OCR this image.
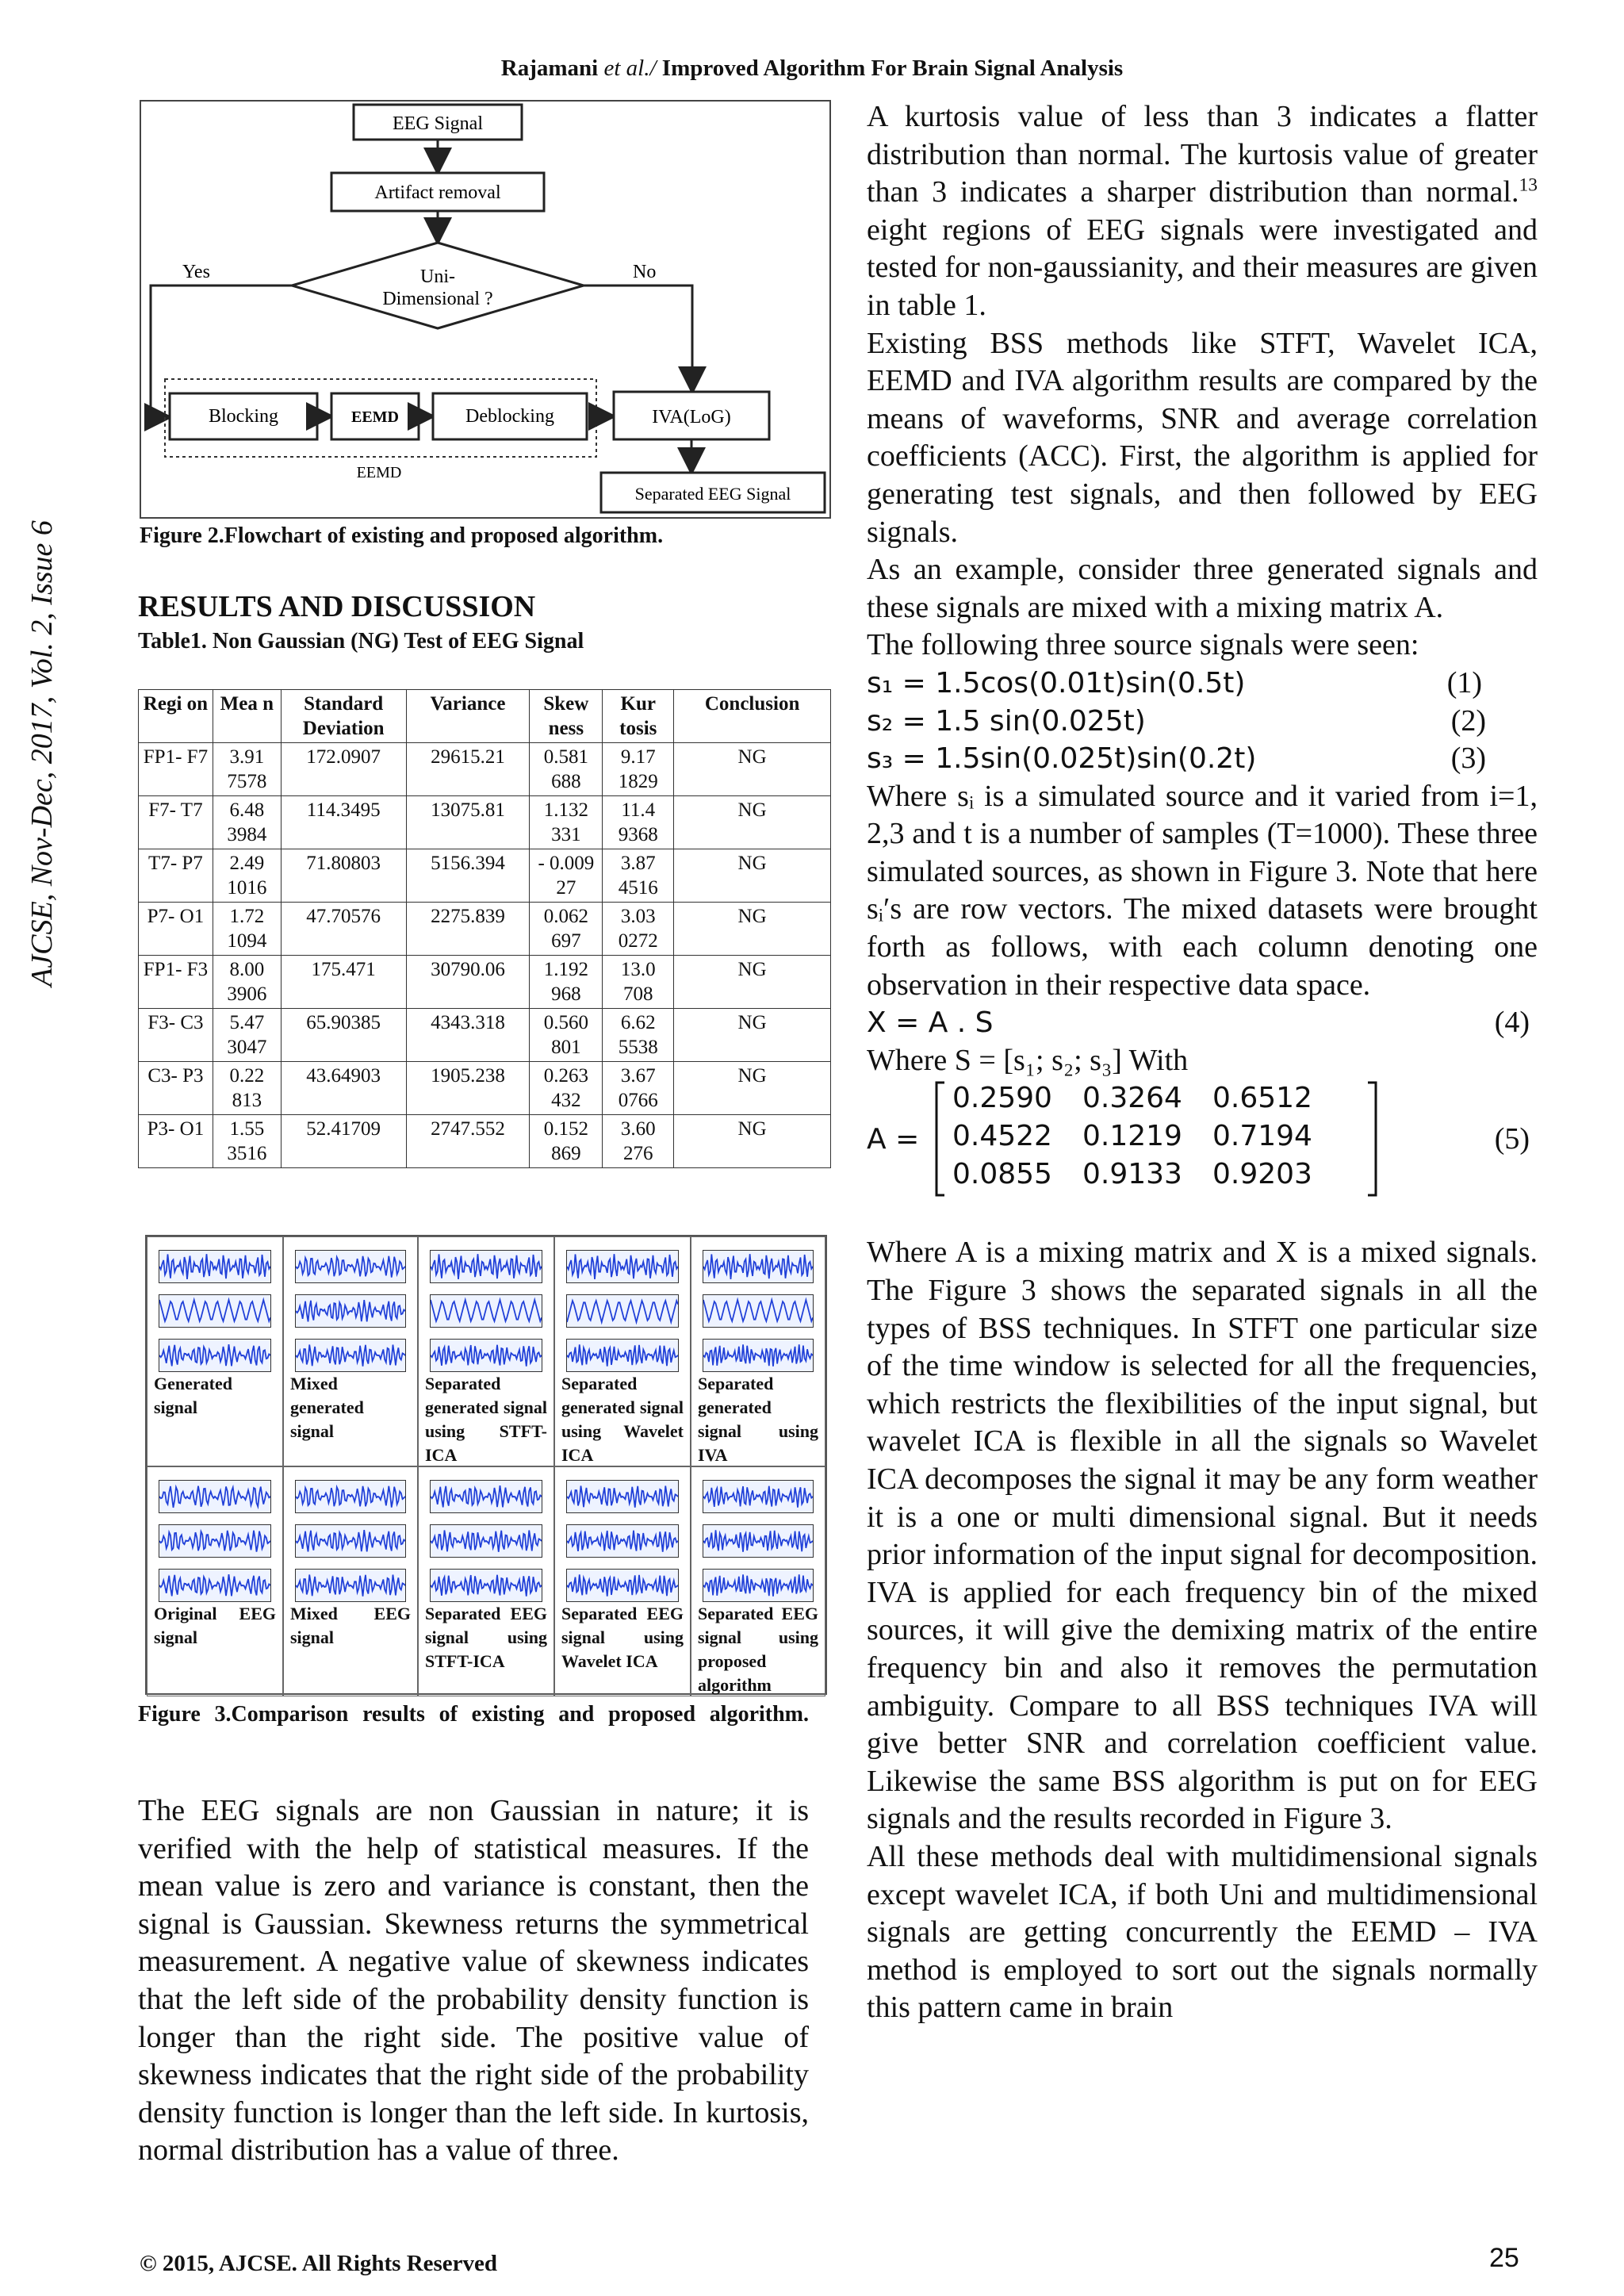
Rajamani et al./ Improved Algorithm For Brain Signal Analysis
AJCSE, Nov-Dec, 2017, Vol. 2, Issue 6
EEG Signal
Artifact removal
Uni-
Dimensional ?
Yes	No
EEMD
Blocking	EEMD	Deblocking	IVA(LoG)
Separated EEG Signal
Figure 2.Flowchart of existing and proposed algorithm.
RESULTS AND DISCUSSION
Table1. Non Gaussian (NG) Test of EEG Signal
Regi on	Mea n	Standard Deviation	Variance	Skew ness	Kur tosis	Conclusion
FP1- F7	3.91 7578	172.0907	29615.21	0.581 688	9.17 1829	NG
F7- T7	6.48 3984	114.3495	13075.81	1.132 331	11.4 9368	NG
T7- P7	2.49 1016	71.80803	5156.394	- 0.009 27	3.87 4516	NG
P7- O1	1.72 1094	47.70576	2275.839	0.062 697	3.03 0272	NG
FP1- F3	8.00 3906	175.471	30790.06	1.192 968	13.0 708	NG
F3- C3	5.47 3047	65.90385	4343.318	0.560 801	6.62 5538	NG
C3- P3	0.22 813	43.64903	1905.238	0.263 432	3.67 0766	NG
P3- O1	1.55 3516	52.41709	2747.552	0.152 869	3.60 276	NG
Generated signal
Mixed generated signal
Separated generated signal using STFT-ICA
Separated generated signal using Wavelet ICA
Separated generated signal using IVA
Original EEG signal
Mixed EEG signal
Separated EEG signal using STFT-ICA
Separated EEG signal using Wavelet ICA
Separated EEG signal using proposed algorithm
Figure 3.Comparison results of existing and proposed algorithm.
The EEG signals are non Gaussian in nature; it is verified with the help of statistical measures. If the mean value is zero and variance is constant, then the signal is Gaussian. Skewness returns the symmetrical measurement. A negative value of skewness indicates that the left side of the probability density function is longer than the right side. The positive value of skewness indicates that the right side of the probability density function is longer than the left side. In kurtosis, normal distribution has a value of three.

A kurtosis value of less than 3 indicates a flatter distribution than normal. The kurtosis value of greater than 3 indicates a sharper distribution than normal.$^{13}$ eight regions of EEG signals were investigated and tested for non-gaussianity, and their measures are given in table 1.

Existing BSS methods like STFT, Wavelet ICA, EEMD and IVA algorithm results are compared by the means of waveforms, SNR and average correlation coefficients (ACC). First, the algorithm is applied for generating test signals, and then followed by EEG signals.

As an example, consider three generated signals and these signals are mixed with a mixing matrix A.

The following three source signals were seen:

s₁ = 1.5cos(0.01t)sin(0.5t)	(1)
s₂ = 1.5 sin(0.025t)	(2)
s₃ = 1.5sin(0.025t)sin(0.2t)	(3)

Where sᵢ is a simulated source and it varied from i=1, 2,3 and t is a number of samples (T=1000). These three simulated sources, as shown in Figure 3. Note that here sᵢ′s are row vectors. The mixed datasets were brought forth as follows, with each column denoting one observation in their respective data space.

X = A . S	(4)
Where S = [s₁; s₂; s₃] With
A =
0.2590 0.3264 0.6512
0.4522 0.1219 0.7194
0.0855 0.9133 0.9203
(5)

Where A is a mixing matrix and X is a mixed signals. The Figure 3 shows the separated signals in all the types of BSS techniques. In STFT one particular size of the time window is selected for all the frequencies, which restricts the flexibilities of the input signal, but wavelet ICA is flexible in all the signals so Wavelet ICA decomposes the signal it may be any form weather it is a one or multi dimensional signal. But it needs prior information of the input signal for decomposition. IVA is applied for each frequency bin of the mixed sources, it will give the demixing matrix of the entire frequency bin and also it removes the permutation ambiguity. Compare to all BSS techniques IVA will give better SNR and correlation coefficient value. Likewise the same BSS algorithm is put on for EEG signals and the results recorded in Figure 3.

All these methods deal with multidimensional signals except wavelet ICA, if both Uni and multidimensional signals are getting concurrently the EEMD – IVA method is employed to sort out the signals normally this pattern came in brain

© 2015, AJCSE. All Rights Reserved	25
